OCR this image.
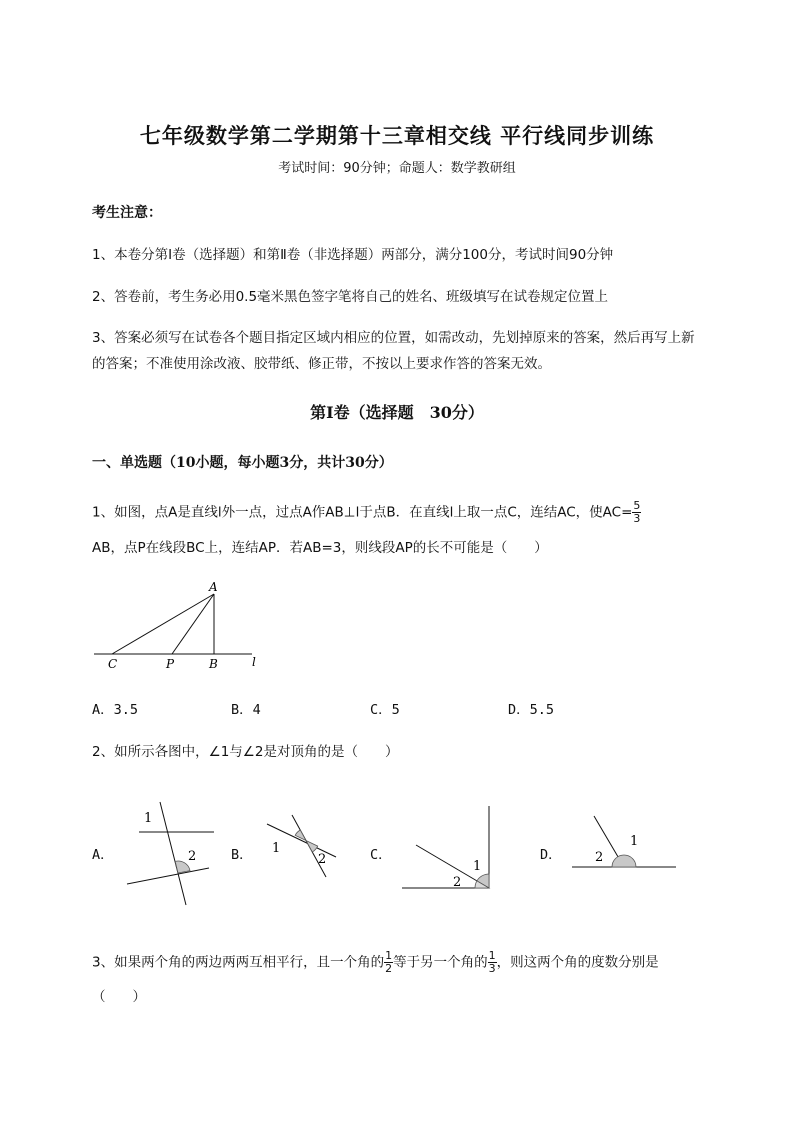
七年级数学第二学期第十三章相交线 平行线同步训练
考试时间：90分钟；命题人：数学教研组
考生注意：
1、本卷分第I卷（选择题）和第Ⅱ卷（非选择题）两部分，满分100分，考试时间90分钟
2、答卷前，考生务必用0.5毫米黑色签字笔将自己的姓名、班级填写在试卷规定位置上
3、答案必须写在试卷各个题目指定区域内相应的位置，如需改动，先划掉原来的答案，然后再写上新
的答案；不准使用涂改液、胶带纸、修正带，不按以上要求作答的答案无效。
第I卷（选择题　30分）
一、单选题（10小题，每小题3分，共计30分）
1、如图，点A是直线l外一点，过点A作AB⊥l于点B．在直线l上取一点C，连结AC，使$AC= \frac{5}{3}$
AB，点P在线段BC上，连结AP．若AB=3，则线段AP的长不可能是（　　）
A
C	P	B	l
A．3.5	B．4	C．5	D．5.5
2、如所示各图中，∠1与∠2是对顶角的是（　　）
A．	B．	C．	D．
1
2
1
2	1
2
1
2
3、如果两个角的两边两两互相平行，且一个角的 $\frac{1}{2}$ 等于另一个角的 $\frac{1}{3}$ ，则这两个角的度数分别是
（　　）
